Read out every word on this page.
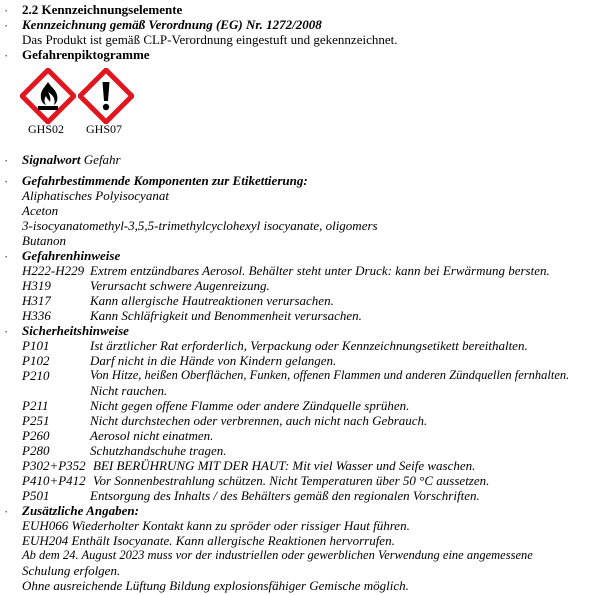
· 2.2 Kennzeichnungselemente
· Kennzeichnung gemäß Verordnung (EG) Nr. 1272/2008
Das Produkt ist gemäß CLP-Verordnung eingestuft und gekennzeichnet.
· Gefahrenpiktogramme
GHS02 GHS07
· Signalwort Gefahr
· Gefahrbestimmende Komponenten zur Etikettierung:
Aliphatisches Polyisocyanat
Aceton
3-isocyanatomethyl-3,5,5-trimethylcyclohexyl isocyanate, oligomers
Butanon
· Gefahrenhinweise
H222-H229 Extrem entzündbares Aerosol. Behälter steht unter Druck: kann bei Erwärmung bersten.
H319	Verursacht schwere Augenreizung.
H317	Kann allergische Hautreaktionen verursachen.
H336	Kann Schläfrigkeit und Benommenheit verursachen.
· Sicherheitshinweise
P101	Ist ärztlicher Rat erforderlich, Verpackung oder Kennzeichnungsetikett bereithalten.
P102	Darf nicht in die Hände von Kindern gelangen.
P210	Von Hitze, heißen Oberflächen, Funken, offenen Flammen und anderen Zündquellen fernhalten.
Nicht rauchen.
P211	Nicht gegen offene Flamme oder andere Zündquelle sprühen.
P251	Nicht durchstechen oder verbrennen, auch nicht nach Gebrauch.
P260	Aerosol nicht einatmen.
P280	Schutzhandschuhe tragen.
P302+P352 BEI BERÜHRUNG MIT DER HAUT: Mit viel Wasser und Seife waschen.
P410+P412 Vor Sonnenbestrahlung schützen. Nicht Temperaturen über 50 °C aussetzen.
P501	Entsorgung des Inhalts / des Behälters gemäß den regionalen Vorschriften.
· Zusätzliche Angaben:
EUH066 Wiederholter Kontakt kann zu spröder oder rissiger Haut führen.
EUH204 Enthält Isocyanate. Kann allergische Reaktionen hervorrufen.
Ab dem 24. August 2023 muss vor der industriellen oder gewerblichen Verwendung eine angemessene
Schulung erfolgen.
Ohne ausreichende Lüftung Bildung explosionsfähiger Gemische möglich.
